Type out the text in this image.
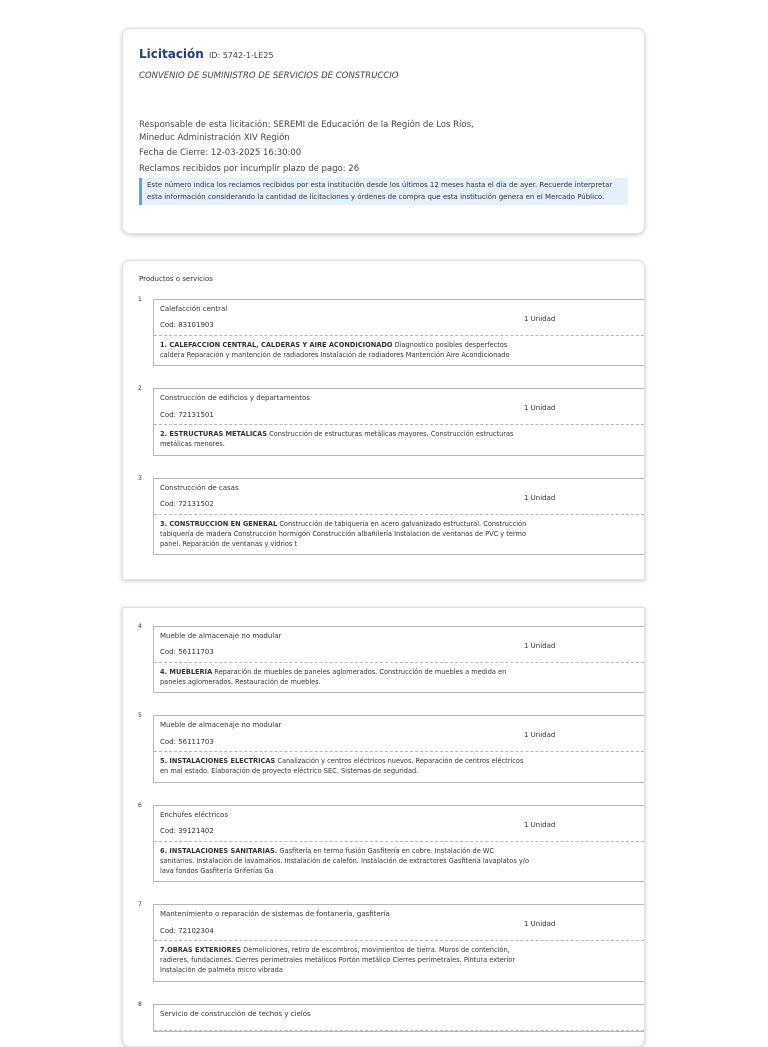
Licitación ID: 5742-1-LE25
CONVENIO DE SUMINISTRO DE SERVICIOS DE CONSTRUCCIO
Responsable de esta licitación: SEREMI de Educación de la Región de Los Ríos,
Mineduc Administración XIV Región
Fecha de Cierre: 12-03-2025 16:30:00
Reclamos recibidos por incumplir plazo de pago: 26
Este número indica los reclamos recibidos por esta institución desde los últimos 12 meses hasta el día de ayer. Recuerde interpretar esta información considerando la cantidad de licitaciones y órdenes de compra que esta institución genera en el Mercado Público.
Productos o servicios
1
Calefacción central
Cod: 83101903
1 Unidad
1. CALEFACCION CENTRAL, CALDERAS Y AIRE ACONDICIONADO Diagnostico posibles desperfectos caldera Reparación y mantención de radiadores Instalación de radiadores Mantención Aire Acondicionado
2
Construcción de edificios y departamentos
Cod: 72131501
1 Unidad
2. ESTRUCTURAS METÁLICAS Construcción de estructuras metálicas mayores. Construcción estructuras metálicas menores.
3
Construcción de casas
Cod: 72131502
1 Unidad
3. CONSTRUCCION EN GENERAL Construcción de tabiquería en acero galvanizado estructural. Construcción tabiquería de madera Construcción hormigón Construcción albañilería Instalación de ventanas de PVC y termo panel. Reparación de ventanas y vidrios t
4
Mueble de almacenaje no modular
Cod: 56111703
1 Unidad
4. MUEBLERIA Reparación de muebles de paneles aglomerados. Construcción de muebles a medida en paneles aglomerados. Restauración de muebles.
5
Mueble de almacenaje no modular
Cod: 56111703
1 Unidad
5. INSTALACIONES ELECTRICAS Canalización y centros eléctricos nuevos. Reparación de centros eléctricos en mal estado. Elaboración de proyecto eléctrico SEC. Sistemas de seguridad.
6
Enchufes eléctricos
Cod: 39121402
1 Unidad
6. INSTALACIONES SANITARIAS. Gasfitería en termo fusión Gasfitería en cobre. Instalación de WC sanitarios. Instalación de lavamanos. Instalación de calefón. Instalación de extractores Gasfitería lavaplatos y/o lava fondos Gasfitería Griferías Ga
7
Mantenimiento o reparación de sistemas de fontanería, gasfitería
Cod: 72102304
1 Unidad
7.OBRAS EXTERIORES Demoliciones, retiro de escombros, movimientos de tierra. Muros de contención, radieres, fundaciones. Cierres perimetrales metálicos Portón metálico Cierres perimetrales. Pintura exterior Instalación de palmeta micro vibrada
8
Servicio de construcción de techos y cielos
